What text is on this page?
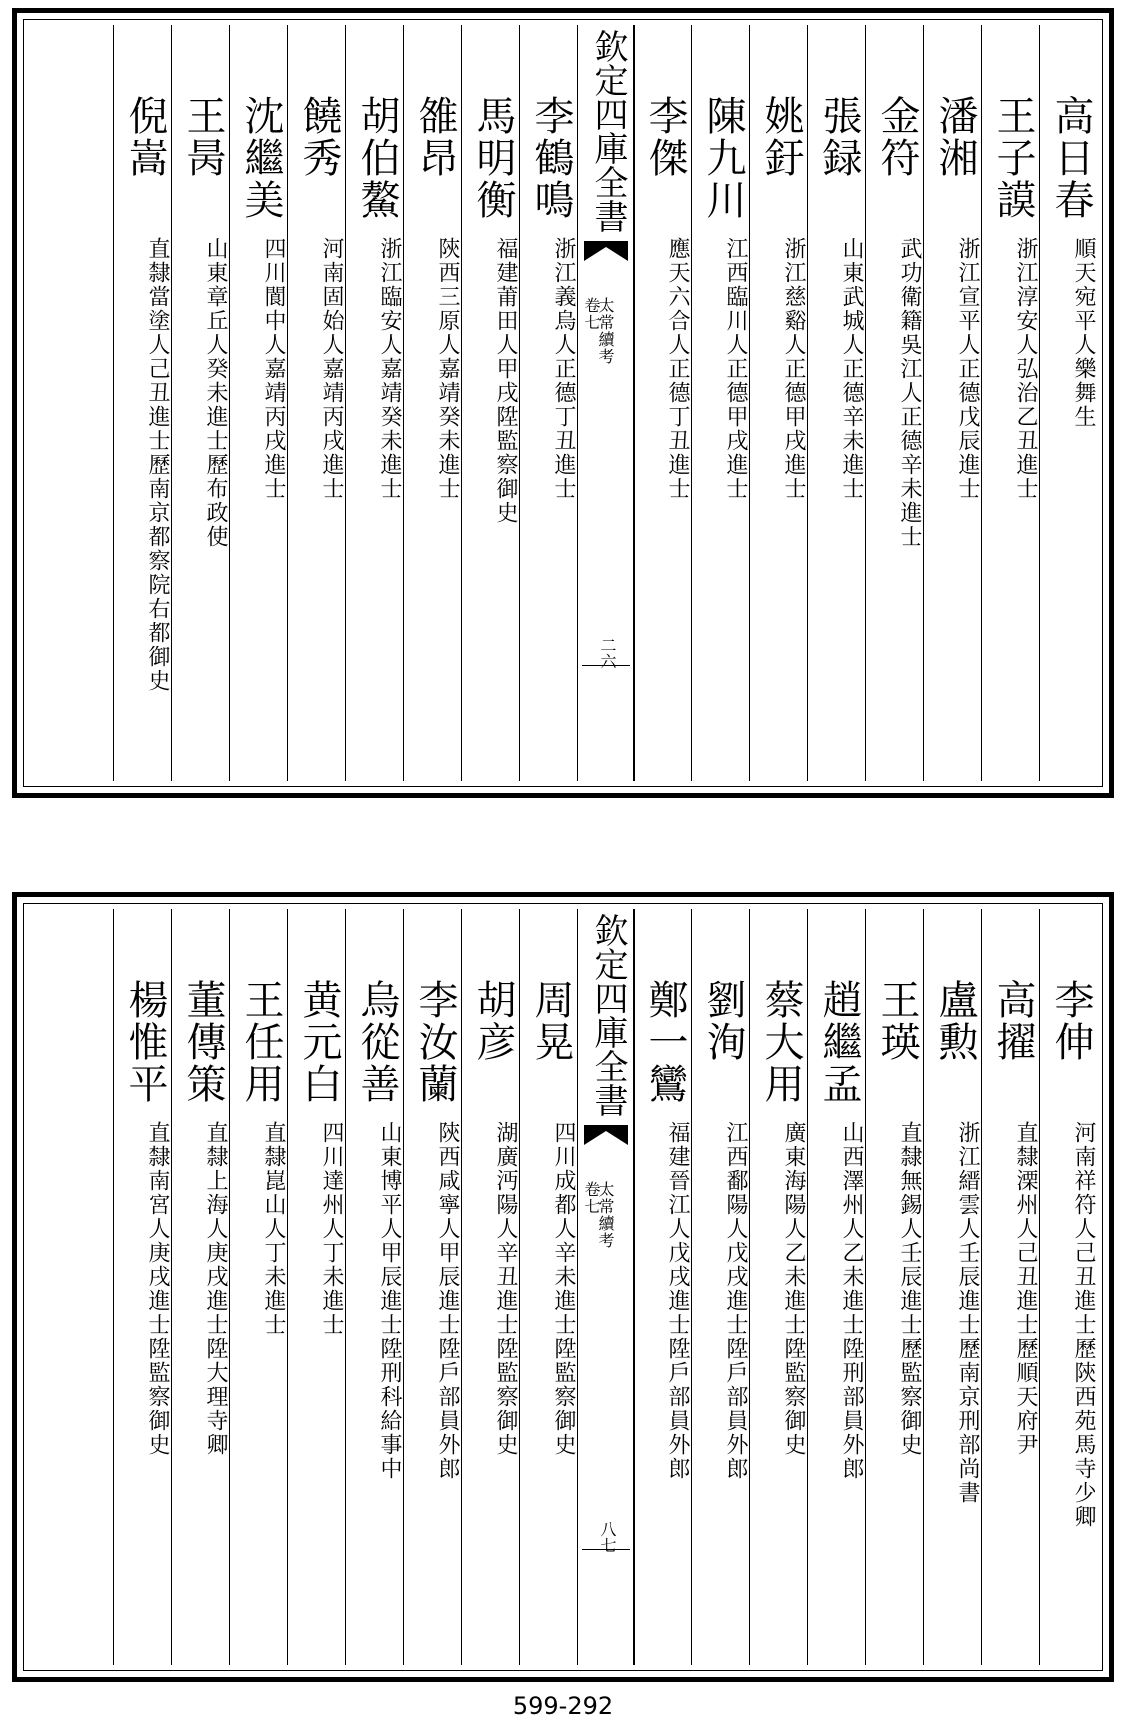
高日春
順天宛平人樂舞生
王子謨
浙江淳安人弘治乙丑進士
潘湘
浙江宣平人正德戊辰進士
金符
武功衛籍吳江人正德辛未進士
張録
山東武城人正德辛未進士
姚釪
浙江慈谿人正德甲戌進士
陳九川
江西臨川人正德甲戌進士
李傑
應天六合人正德丁丑進士
李鶴鳴
浙江義烏人正德丁丑進士
馬明衡
福建莆田人甲戌陞監察御史
雒昂
陝西三原人嘉靖癸未進士
胡伯鰲
浙江臨安人嘉靖癸未進士
饒秀
河南固始人嘉靖丙戌進士
沈繼美
四川閬中人嘉靖丙戌進士
王昺
山東章丘人癸未進士歷布政使
倪嵩
直隸當塗人己丑進士歷南京都察院右都御史
欽定四庫全書
太常續考
卷七
二六
李伸
河南祥符人己丑進士歷陝西苑馬寺少卿
高擢
直隸溧州人己丑進士歷順天府尹
盧勲
浙江縉雲人壬辰進士歷南京刑部尚書
王瑛
直隸無錫人壬辰進士歷監察御史
趙繼孟
山西澤州人乙未進士陞刑部員外郎
蔡大用
廣東海陽人乙未進士陞監察御史
劉洵
江西鄱陽人戊戌進士陞戶部員外郎
鄭一鸞
福建晉江人戊戌進士陞戶部員外郎
周晃
四川成都人辛未進士陞監察御史
胡彦
湖廣沔陽人辛丑進士陞監察御史
李汝蘭
陝西咸寧人甲辰進士陞戶部員外郎
烏從善
山東博平人甲辰進士陞刑科給事中
黄元白
四川達州人丁未進士
王任用
直隸崑山人丁未進士
董傳策
直隸上海人庚戌進士陞大理寺卿
楊惟平
直隸南宮人庚戌進士陞監察御史
欽定四庫全書
太常續考
卷七
八七
599-292
